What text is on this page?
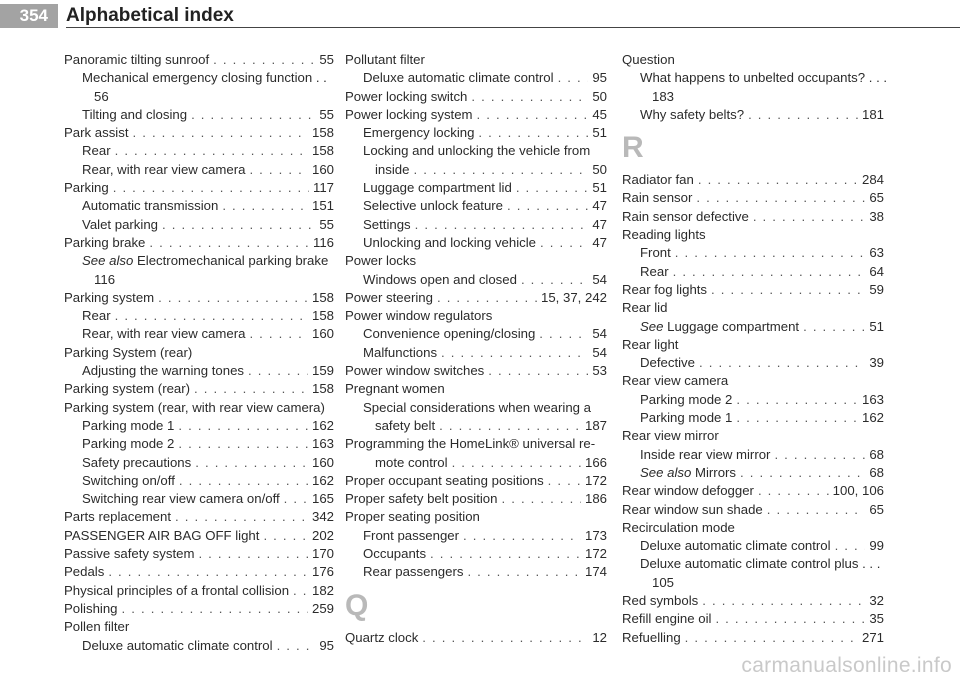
354 Alphabetical index
Panoramic tilting sunroof . . .	55
Mechanical emergency closing function . .
56
Tilting and closing . . .	55
Park assist . . .	158
Rear . . .	158
Rear, with rear view camera . . .	160
Parking . . .	117
Automatic transmission . . .	151
Valet parking . . .	55
Parking brake . . .	116
See also Electromechanical parking brake
116
Parking system . . .	158
Rear . . .	158
Rear, with rear view camera . . .	160
Parking System (rear)
Adjusting the warning tones . . .	159
Parking system (rear) . . .	158
Parking system (rear, with rear view camera)
Parking mode 1 . . .	162
Parking mode 2 . . .	163
Safety precautions . . .	160
Switching on/off . . .	162
Switching rear view camera on/off . . . 165
Parts replacement . . .	342
PASSENGER AIR BAG OFF light . . .	202
Passive safety system . . .	170
Pedals . . .	176
Physical principles of a frontal collision . . . 182
Polishing . . .	259
Pollen filter
Deluxe automatic climate control . . .	95
Pollutant filter
Deluxe automatic climate control . . .	95
Power locking switch . . .	50
Power locking system . . .	45
Emergency locking . . .	51
Locking and unlocking the vehicle from
inside . . .	50
Luggage compartment lid . . .	51
Selective unlock feature . . .	47
Settings . . .	47
Unlocking and locking vehicle . . .	47
Power locks
Windows open and closed . . .	54
Power steering . . .	15, 37, 242
Power window regulators
Convenience opening/closing . . .	54
Malfunctions . . .	54
Power window switches . . .	53
Pregnant women
Special considerations when wearing a
safety belt . . .	187
Programming the HomeLink® universal re-
mote control . . .	166
Proper occupant seating positions . . .	172
Proper safety belt position . . .	186
Proper seating position
Front passenger . . .	173
Occupants . . .	172
Rear passengers . . .	174
Q
Quartz clock . . .	12
Question
What happens to unbelted occupants? . . .
183
Why safety belts? . . .	181
R
Radiator fan . . .	284
Rain sensor . . .	65
Rain sensor defective . . .	38
Reading lights
Front . . .	63
Rear . . .	64
Rear fog lights . . .	59
Rear lid
See Luggage compartment . . .	51
Rear light
Defective . . .	39
Rear view camera
Parking mode 2 . . .	163
Parking mode 1 . . .	162
Rear view mirror
Inside rear view mirror . . .	68
See also Mirrors . . .	68
Rear window defogger . . .	100, 106
Rear window sun shade . . .	65
Recirculation mode
Deluxe automatic climate control . . .	99
Deluxe automatic climate control plus . . .
105
Red symbols . . .	32
Refill engine oil . . .	35
Refuelling . . .	271
carmanualsonline.info
